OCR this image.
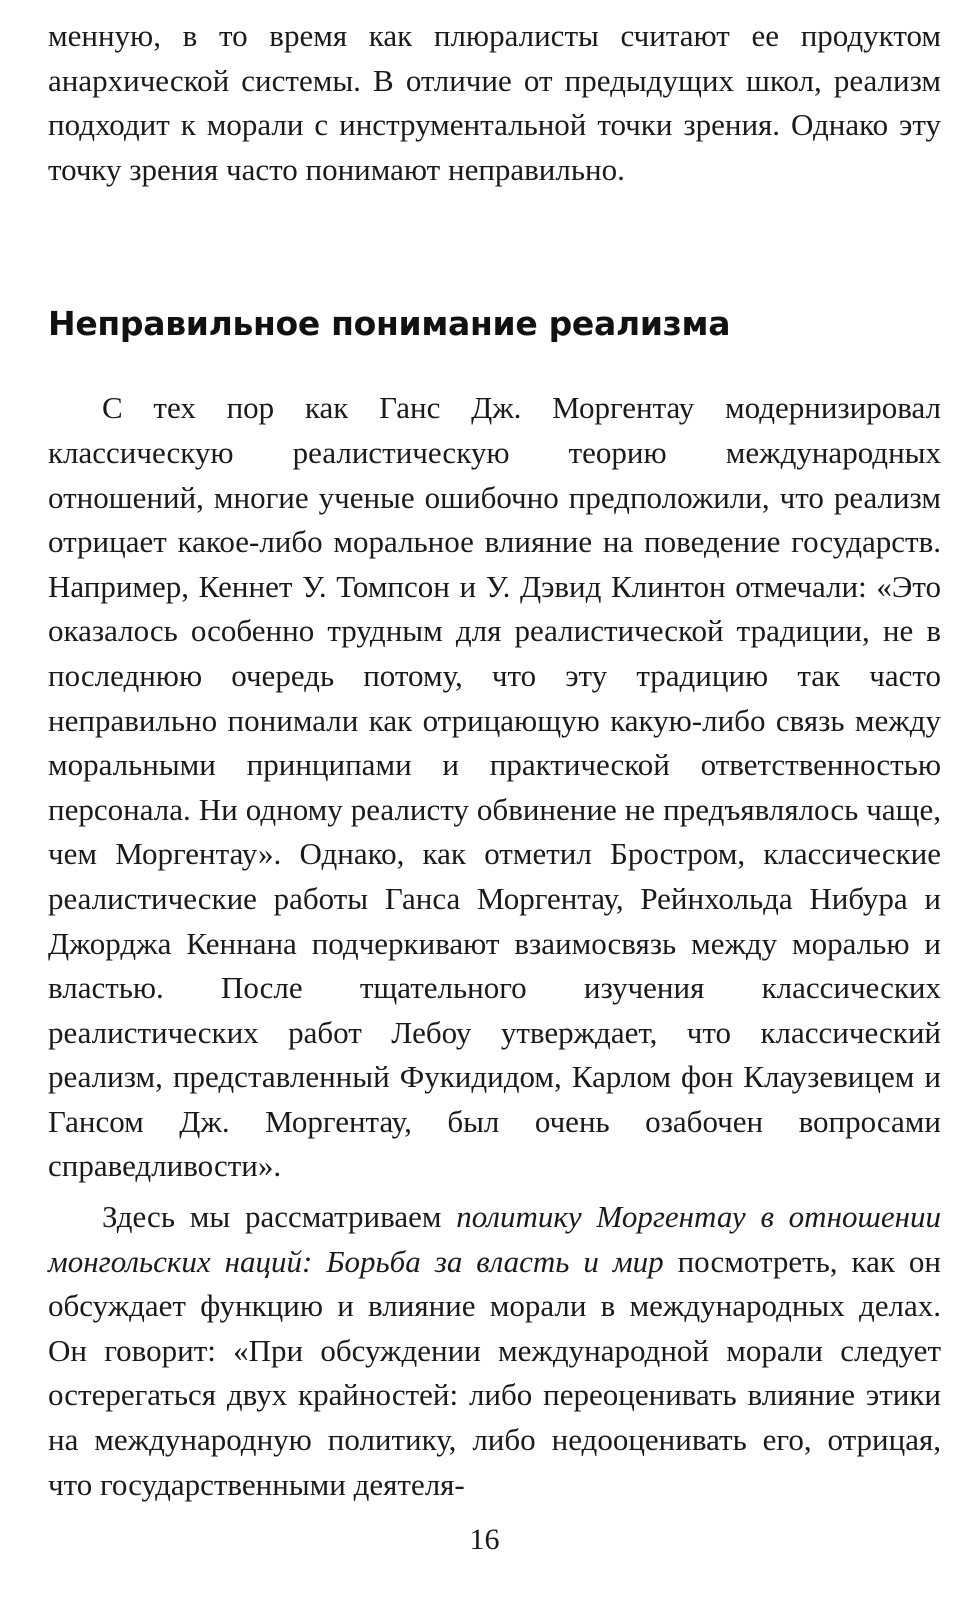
менную, в то время как плюралисты считают ее продуктом анархической системы. В отличие от предыдущих школ, реализм подходит к морали с инструментальной точки зрения. Однако эту точку зрения часто понимают неправильно.

Неправильное понимание реализма

С тех пор как Ганс Дж. Моргентау модернизировал классическую реалистическую теорию международных отношений, многие ученые ошибочно предположили, что реализм отрицает какое-либо моральное влияние на поведение государств. Например, Кеннет У. Томпсон и У. Дэвид Клинтон отмечали: «Это оказалось особенно трудным для реалистической традиции, не в последнюю очередь потому, что эту традицию так часто неправильно понимали как отрицающую какую-либо связь между моральными принципами и практической ответственностью персонала. Ни одному реалисту обвинение не предъявлялось чаще, чем Моргентау». Однако, как отметил Бростром, классические реалистические работы Ганса Моргентау, Рейнхольда Нибура и Джорджа Кеннана подчеркивают взаимосвязь между моралью и властью. После тщательного изучения классических реалистических работ Лебоу утверждает, что классический реализм, представленный Фукидидом, Карлом фон Клаузевицем и Гансом Дж. Моргентау, был очень озабочен вопросами справедливости».

Здесь мы рассматриваем политику Моргентау в отношении монгольских наций: Борьба за власть и мир посмотреть, как он обсуждает функцию и влияние морали в международных делах. Он говорит: «При обсуждении международной морали следует остерегаться двух крайностей: либо переоценивать влияние этики на международную политику, либо недооценивать его, отрицая, что государственными деятеля-

16
